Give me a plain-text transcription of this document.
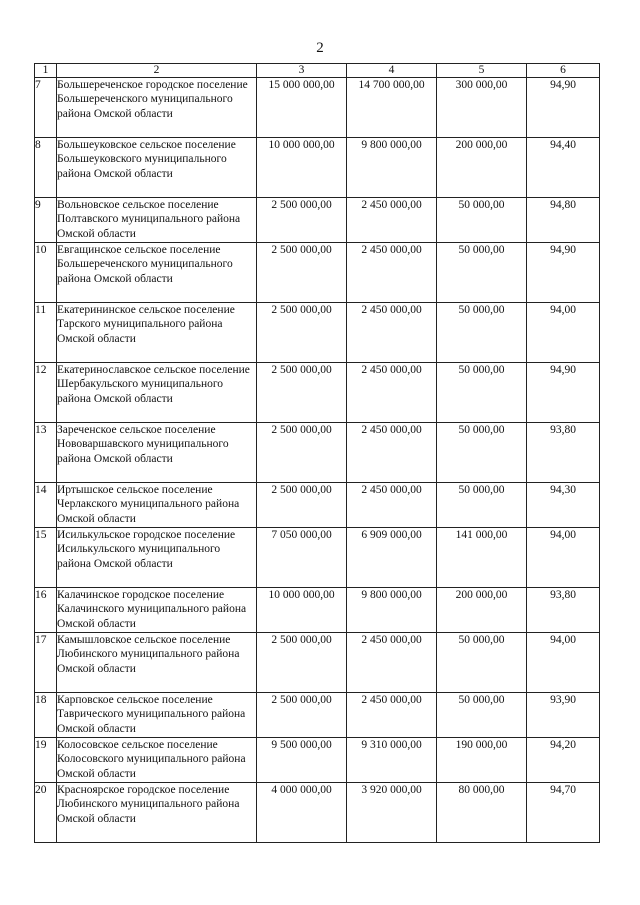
2
1	2	3	4	5	6
7	Большереченское городское поселение Большереченского муниципального района Омской области	15 000 000,00	14 700 000,00	300 000,00	94,90
8	Большеуковское сельское поселение Большеуковского муниципального района Омской области	10 000 000,00	9 800 000,00	200 000,00	94,40
9	Вольновское сельское поселение Полтавского муниципального района Омской области	2 500 000,00	2 450 000,00	50 000,00	94,80
10	Евгащинское сельское поселение Большереченского муниципального района Омской области	2 500 000,00	2 450 000,00	50 000,00	94,90
11	Екатерининское сельское поселение Тарского муниципального района Омской области	2 500 000,00	2 450 000,00	50 000,00	94,00
12	Екатеринославское сельское поселение Шербакульского муниципального района Омской области	2 500 000,00	2 450 000,00	50 000,00	94,90
13	Зареченское сельское поселение Нововаршавского муниципального района Омской области	2 500 000,00	2 450 000,00	50 000,00	93,80
14	Иртышское сельское поселение Черлакского муниципального района Омской области	2 500 000,00	2 450 000,00	50 000,00	94,30
15	Исилькульское городское поселение Исилькульского муниципального района Омской области	7 050 000,00	6 909 000,00	141 000,00	94,00
16	Калачинское городское поселение Калачинского муниципального района Омской области	10 000 000,00	9 800 000,00	200 000,00	93,80
17	Камышловское сельское поселение Любинского муниципального района Омской области	2 500 000,00	2 450 000,00	50 000,00	94,00
18	Карповское сельское поселение Таврического муниципального района Омской области	2 500 000,00	2 450 000,00	50 000,00	93,90
19	Колосовское сельское поселение Колосовского муниципального района Омской области	9 500 000,00	9 310 000,00	190 000,00	94,20
20	Красноярское городское поселение Любинского муниципального района Омской области	4 000 000,00	3 920 000,00	80 000,00	94,70
